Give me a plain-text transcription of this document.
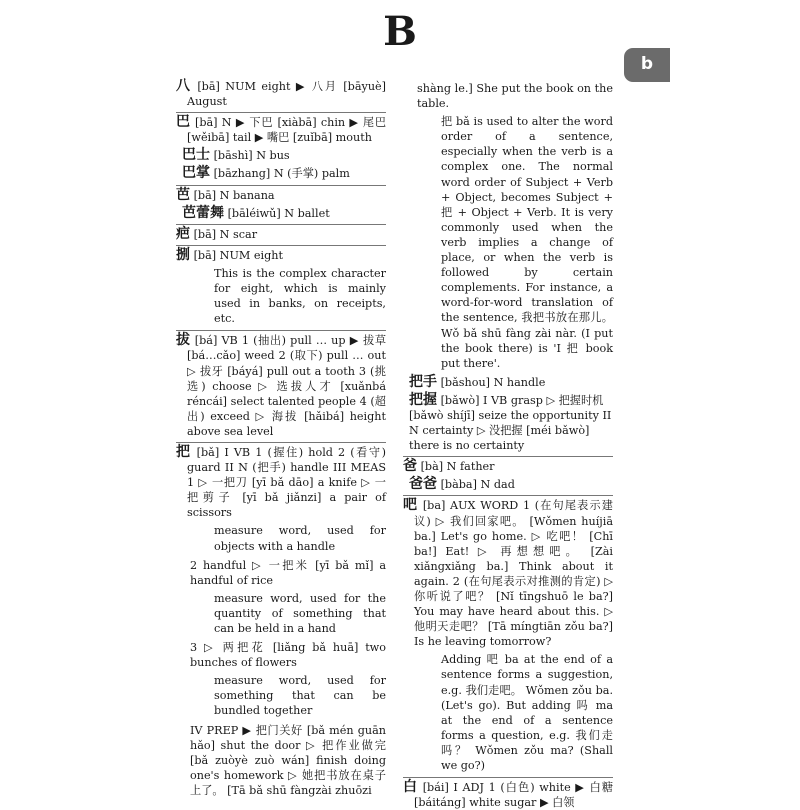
B
b

八 [bā] NUM eight ▶ 八月 [bāyuè] August

巴 [bā] N ▶ 下巴 [xiàbā] chin ▶ 尾巴 [wěibā] tail ▶ 嘴巴 [zuǐbā] mouth

巴士 [bāshì] N bus

巴掌 [bāzhang] N (手掌) palm

芭 [bā] N banana

芭蕾舞 [bāléiwǔ] N ballet

疤 [bā] N scar

捌 [bā] NUM eight

This is the complex character for eight, which is mainly used in banks, on receipts, etc.

拔 [bá] VB 1 (抽出) pull … up ▶ 拔草 [bá…cǎo] weed 2 (取下) pull … out ▷ 拔牙 [báyá] pull out a tooth 3 (挑选) choose ▷ 选拔人才 [xuǎnbá réncái] select talented people 4 (超出) exceed ▷ 海拔 [hǎibá] height above sea level

把 [bǎ] I VB 1 (握住) hold 2 (看守) guard II N (把手) handle III MEAS 1 ▷ 一把刀 [yī bǎ dāo] a knife ▷ 一把剪子 [yī bǎ jiǎnzi] a pair of scissors

measure word, used for objects with a handle

2 handful ▷ 一把米 [yī bǎ mǐ] a handful of rice

measure word, used for the quantity of something that can be held in a hand

3 ▷ 两把花 [liǎng bǎ huā] two bunches of flowers

measure word, used for something that can be bundled together

IV PREP ▶ 把门关好 [bǎ mén guān hǎo] shut the door ▷ 把作业做完 [bǎ zuòyè zuò wán] finish doing one's homework ▷ 她把书放在桌子上了。 [Tā bǎ shū fàngzài zhuōzi

shàng le.] She put the book on the table.

把 bǎ is used to alter the word order of a sentence, especially when the verb is a complex one. The normal word order of Subject + Verb + Object, becomes Subject + 把 + Object + Verb. It is very commonly used when the verb implies a change of place, or when the verb is followed by certain complements. For instance, a word-for-word translation of the sentence, 我把书放在那儿。 Wǒ bǎ shū fàng zài nàr. (I put the book there) is 'I 把 book put there'.

把手 [bǎshou] N handle

把握 [bǎwò] I VB grasp ▷ 把握时机 [bǎwò shíjī] seize the opportunity II N certainty ▷ 没把握 [méi bǎwò] there is no certainty

爸 [bà] N father

爸爸 [bàba] N dad

吧 [ba] AUX WORD 1 (在句尾表示建议) ▷ 我们回家吧。 [Wǒmen huíjiā ba.] Let's go home. ▷ 吃吧！ [Chī ba!] Eat! ▷ 再想想吧。 [Zài xiǎngxiǎng ba.] Think about it again. 2 (在句尾表示对推测的肯定) ▷ 你听说了吧？ [Nǐ tīngshuō le ba?] You may have heard about this. ▷ 他明天走吧？ [Tā míngtiān zǒu ba?] Is he leaving tomorrow?

Adding 吧 ba at the end of a sentence forms a suggestion, e.g. 我们走吧。 Wǒmen zǒu ba. (Let's go). But adding 吗 ma at the end of a sentence forms a question, e.g. 我们走吗？ Wǒmen zǒu ma? (Shall we go?)

白 [bái] I ADJ 1 (白色) white ▶ 白糖 [báitáng] white sugar ▶ 白领
